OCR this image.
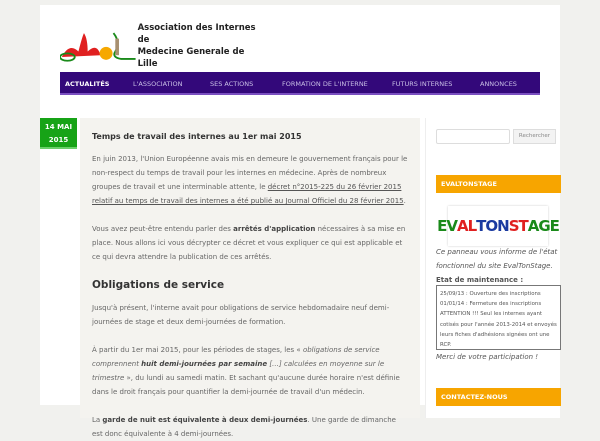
Association des Internes de
Medecine Generale de Lille
ACTUALITÉS	L'ASSOCIATION	SES ACTIONS	FORMATION DE L'INTERNE	FUTURS INTERNES	ANNONCES
14 MAI
2015	Temps de travail des internes au 1er mai 2015

En juin 2013, l'Union Européenne avais mis en demeure le gouvernement français pour le non-respect du temps de travail pour les internes en médecine. Après de nombreux groupes de travail et une interminable attente, le décret n°2015-225 du 26 février 2015 relatif au temps de travail des internes a été publié au Journal Officiel du 28 février 2015.

Vous avez peut-être entendu parler des arrêtés d'application nécessaires à sa mise en place. Nous allons ici vous décrypter ce décret et vous expliquer ce qui est applicable et ce qui devra attendre la publication de ces arrêtés.

Obligations de service

Jusqu'à présent, l'interne avait pour obligations de service hebdomadaire neuf demi-journées de stage et deux demi-journées de formation.

À partir du 1er mai 2015, pour les périodes de stages, les « obligations de service comprennent huit demi-journées par semaine […] calculées en moyenne sur le trimestre », du lundi au samedi matin. Et sachant qu'aucune durée horaire n'est définie dans le droit français pour quantifier la demi-journée de travail d'un médecin.

La garde de nuit est équivalente à deux demi-journées. Une garde de dimanche est donc équivalente à 4 demi-journées.

Rechercher
EVALTONSTAGE
EV AL TON ST AGE
Ce panneau vous informe de l'état fonctionnel du site EvalTonStage. Etat de maintenance :
25/09/13 : Ouverture des inscriptions
01/01/14 : Fermeture des inscriptions
ATTENTION !!! Seul les internes ayant cotisés pour l'année 2013-2014 et envoyés leurs fiches d'adhésions signées ont une RCP.
Merci de votre participation !
CONTACTEZ-NOUS
